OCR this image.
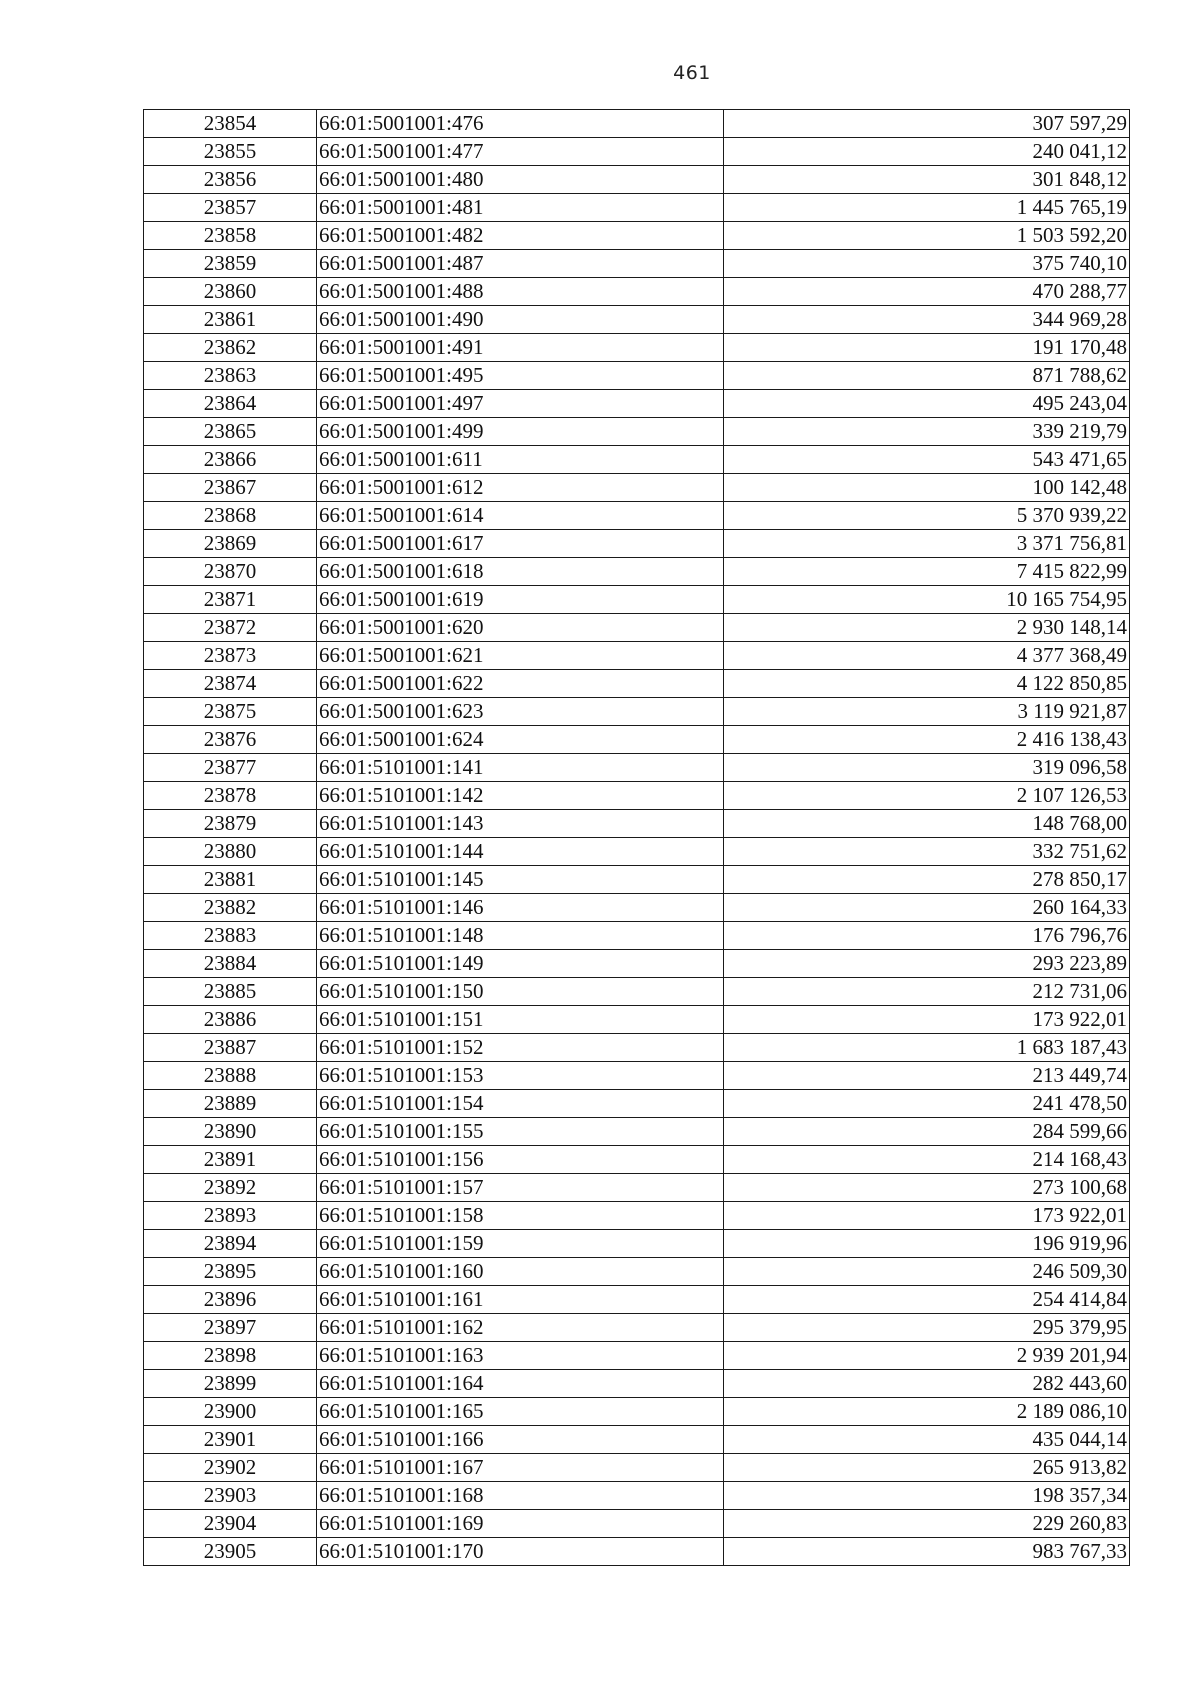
461
23854	66:01:5001001:476	307 597,29
23855	66:01:5001001:477	240 041,12
23856	66:01:5001001:480	301 848,12
23857	66:01:5001001:481	1 445 765,19
23858	66:01:5001001:482	1 503 592,20
23859	66:01:5001001:487	375 740,10
23860	66:01:5001001:488	470 288,77
23861	66:01:5001001:490	344 969,28
23862	66:01:5001001:491	191 170,48
23863	66:01:5001001:495	871 788,62
23864	66:01:5001001:497	495 243,04
23865	66:01:5001001:499	339 219,79
23866	66:01:5001001:611	543 471,65
23867	66:01:5001001:612	100 142,48
23868	66:01:5001001:614	5 370 939,22
23869	66:01:5001001:617	3 371 756,81
23870	66:01:5001001:618	7 415 822,99
23871	66:01:5001001:619	10 165 754,95
23872	66:01:5001001:620	2 930 148,14
23873	66:01:5001001:621	4 377 368,49
23874	66:01:5001001:622	4 122 850,85
23875	66:01:5001001:623	3 119 921,87
23876	66:01:5001001:624	2 416 138,43
23877	66:01:5101001:141	319 096,58
23878	66:01:5101001:142	2 107 126,53
23879	66:01:5101001:143	148 768,00
23880	66:01:5101001:144	332 751,62
23881	66:01:5101001:145	278 850,17
23882	66:01:5101001:146	260 164,33
23883	66:01:5101001:148	176 796,76
23884	66:01:5101001:149	293 223,89
23885	66:01:5101001:150	212 731,06
23886	66:01:5101001:151	173 922,01
23887	66:01:5101001:152	1 683 187,43
23888	66:01:5101001:153	213 449,74
23889	66:01:5101001:154	241 478,50
23890	66:01:5101001:155	284 599,66
23891	66:01:5101001:156	214 168,43
23892	66:01:5101001:157	273 100,68
23893	66:01:5101001:158	173 922,01
23894	66:01:5101001:159	196 919,96
23895	66:01:5101001:160	246 509,30
23896	66:01:5101001:161	254 414,84
23897	66:01:5101001:162	295 379,95
23898	66:01:5101001:163	2 939 201,94
23899	66:01:5101001:164	282 443,60
23900	66:01:5101001:165	2 189 086,10
23901	66:01:5101001:166	435 044,14
23902	66:01:5101001:167	265 913,82
23903	66:01:5101001:168	198 357,34
23904	66:01:5101001:169	229 260,83
23905	66:01:5101001:170	983 767,33
